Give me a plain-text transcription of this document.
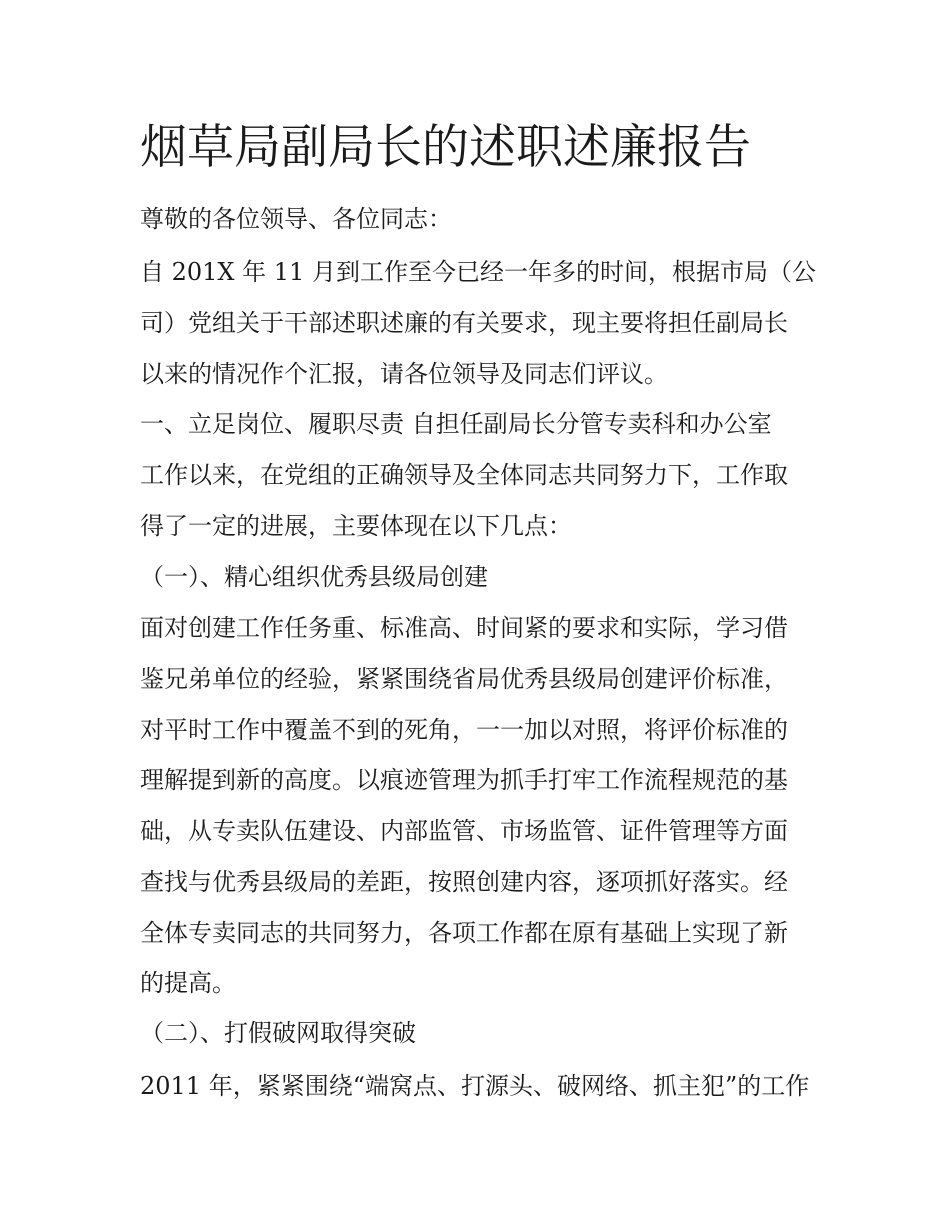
烟草局副局长的述职述廉报告

尊敬的各位领导、各位同志：

自 201X 年 11 月到工作至今已经一年多的时间，根据市局（公

司）党组关于干部述职述廉的有关要求，现主要将担任副局长

以来的情况作个汇报，请各位领导及同志们评议。

一、立足岗位、履职尽责 自担任副局长分管专卖科和办公室

工作以来，在党组的正确领导及全体同志共同努力下，工作取

得了一定的进展，主要体现在以下几点：

（一）、精心组织优秀县级局创建

面对创建工作任务重、标准高、时间紧的要求和实际，学习借

鉴兄弟单位的经验，紧紧围绕省局优秀县级局创建评价标准，

对平时工作中覆盖不到的死角，一一加以对照，将评价标准的

理解提到新的高度。以痕迹管理为抓手打牢工作流程规范的基

础，从专卖队伍建设、内部监管、市场监管、证件管理等方面

查找与优秀县级局的差距，按照创建内容，逐项抓好落实。经

全体专卖同志的共同努力，各项工作都在原有基础上实现了新

的提高。

（二）、打假破网取得突破

2011 年，紧紧围绕“端窝点、打源头、破网络、抓主犯”的工作
